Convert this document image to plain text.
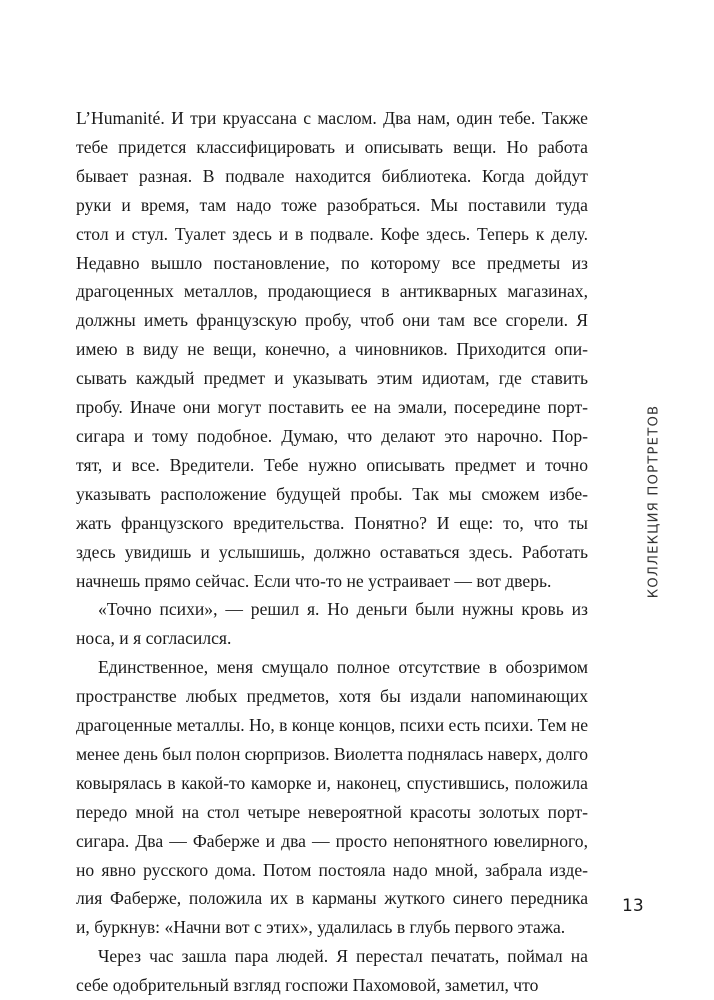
L’Humanité. И три круассана с маслом. Два нам, один тебе. Также
тебе придется классифицировать и описывать вещи. Но работа
бывает разная. В подвале находится библиотека. Когда дойдут
руки и время, там надо тоже разобраться. Мы поставили туда
стол и стул. Туалет здесь и в подвале. Кофе здесь. Теперь к делу.
Недавно вышло постановление, по которому все предметы из
драгоценных металлов, продающиеся в антикварных магазинах,
должны иметь французскую пробу, чтоб они там все сгорели. Я
имею в виду не вещи, конечно, а чиновников. Приходится опи-
сывать каждый предмет и указывать этим идиотам, где ставить
пробу. Иначе они могут поставить ее на эмали, посередине порт-
сигара и тому подобное. Думаю, что делают это нарочно. Пор-
тят, и все. Вредители. Тебе нужно описывать предмет и точно
указывать расположение будущей пробы. Так мы сможем избе-
жать французского вредительства. Понятно? И еще: то, что ты
здесь увидишь и услышишь, должно оставаться здесь. Работать
начнешь прямо сейчас. Если что-то не устраивает — вот дверь.

«Точно психи», — решил я. Но деньги были нужны кровь из
носа, и я согласился.

Единственное, меня смущало полное отсутствие в обозримом
пространстве любых предметов, хотя бы издали напоминающих
драгоценные металлы. Но, в конце концов, психи есть психи. Тем не
менее день был полон сюрпризов. Виолетта поднялась наверх, долго
ковырялась в какой-то каморке и, наконец, спустившись, положила
передо мной на стол четыре невероятной красоты золотых порт-
сигара. Два — Фаберже и два — просто непонятного ювелирного,
но явно русского дома. Потом постояла надо мной, забрала изде-
лия Фаберже, положила их в карманы жуткого синего передника
и, буркнув: «Начни вот с этих», удалилась в глубь первого этажа.

Через час зашла пара людей. Я перестал печатать, поймал на
себе одобрительный взгляд госпожи Пахомовой, заметил, что

КОЛЛЕКЦИЯ ПОРТРЕТОВ
13
